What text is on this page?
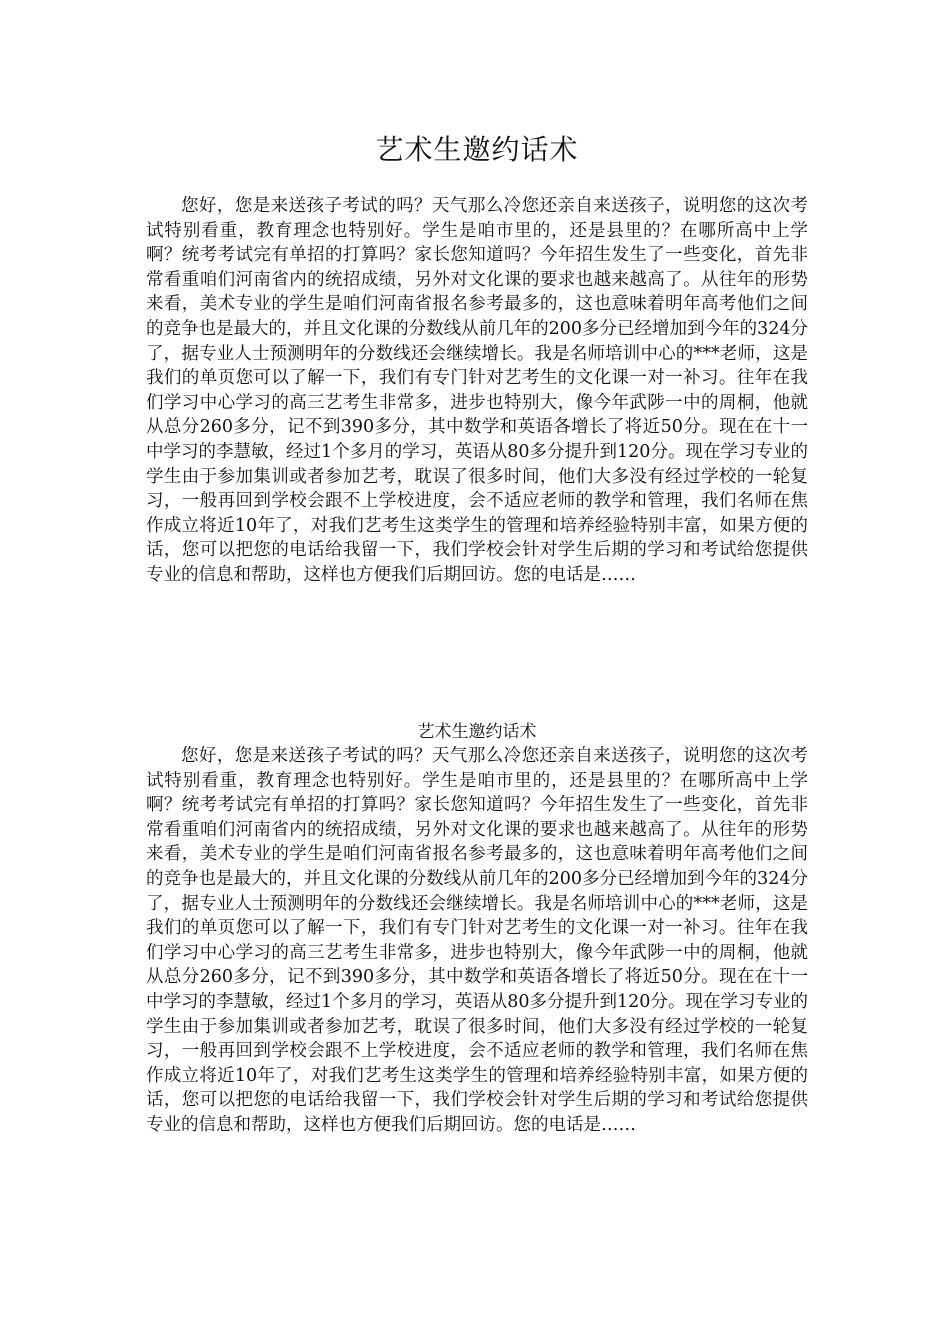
艺术生邀约话术

您好，您是来送孩子考试的吗？天气那么冷您还亲自来送孩子，说明您的这次考试特别看重，教育理念也特别好。学生是咱市里的，还是县里的？在哪所高中上学啊？统考考试完有单招的打算吗？家长您知道吗？今年招生发生了一些变化，首先非常看重咱们河南省内的统招成绩，另外对文化课的要求也越来越高了。从往年的形势来看，美术专业的学生是咱们河南省报名参考最多的，这也意味着明年高考他们之间的竞争也是最大的，并且文化课的分数线从前几年的200多分已经增加到今年的324分了，据专业人士预测明年的分数线还会继续增长。我是名师培训中心的***老师，这是我们的单页您可以了解一下，我们有专门针对艺考生的文化课一对一补习。往年在我们学习中心学习的高三艺考生非常多，进步也特别大，像今年武陟一中的周桐，他就从总分260多分，记不到390多分，其中数学和英语各增长了将近50分。现在在十一中学习的李慧敏，经过1个多月的学习，英语从80多分提升到120分。现在学习专业的学生由于参加集训或者参加艺考，耽误了很多时间，他们大多没有经过学校的一轮复习，一般再回到学校会跟不上学校进度，会不适应老师的教学和管理，我们名师在焦作成立将近10年了，对我们艺考生这类学生的管理和培养经验特别丰富，如果方便的话，您可以把您的电话给我留一下，我们学校会针对学生后期的学习和考试给您提供专业的信息和帮助，这样也方便我们后期回访。您的电话是……

艺术生邀约话术

您好，您是来送孩子考试的吗？天气那么冷您还亲自来送孩子，说明您的这次考试特别看重，教育理念也特别好。学生是咱市里的，还是县里的？在哪所高中上学啊？统考考试完有单招的打算吗？家长您知道吗？今年招生发生了一些变化，首先非常看重咱们河南省内的统招成绩，另外对文化课的要求也越来越高了。从往年的形势来看，美术专业的学生是咱们河南省报名参考最多的，这也意味着明年高考他们之间的竞争也是最大的，并且文化课的分数线从前几年的200多分已经增加到今年的324分了，据专业人士预测明年的分数线还会继续增长。我是名师培训中心的***老师，这是我们的单页您可以了解一下，我们有专门针对艺考生的文化课一对一补习。往年在我们学习中心学习的高三艺考生非常多，进步也特别大，像今年武陟一中的周桐，他就从总分260多分，记不到390多分，其中数学和英语各增长了将近50分。现在在十一中学习的李慧敏，经过1个多月的学习，英语从80多分提升到120分。现在学习专业的学生由于参加集训或者参加艺考，耽误了很多时间，他们大多没有经过学校的一轮复习，一般再回到学校会跟不上学校进度，会不适应老师的教学和管理，我们名师在焦作成立将近10年了，对我们艺考生这类学生的管理和培养经验特别丰富，如果方便的话，您可以把您的电话给我留一下，我们学校会针对学生后期的学习和考试给您提供专业的信息和帮助，这样也方便我们后期回访。您的电话是……
